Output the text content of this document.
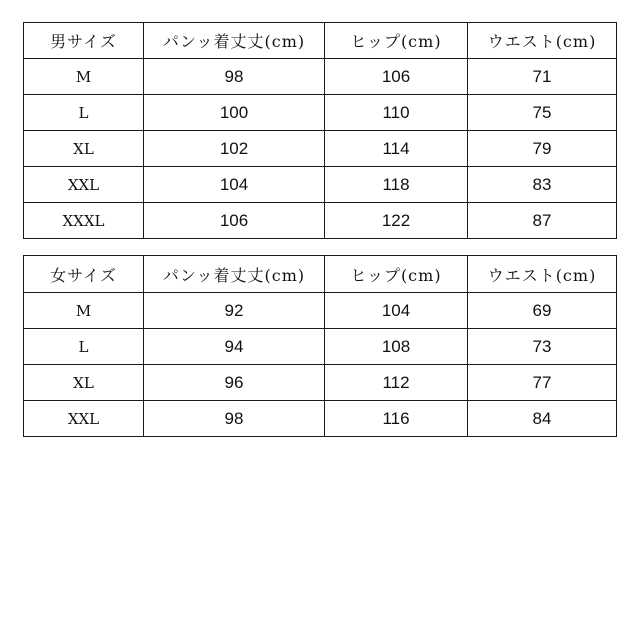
男サイズ	パンッ着丈丈(cm)	ヒップ(cm)	ウエスト(cm)
M	98	106	71
L	100	110	75
XL	102	114	79
XXL	104	118	83
XXXL	106	122	87
女サイズ	パンッ着丈丈(cm)	ヒップ(cm)	ウエスト(cm)
M	92	104	69
L	94	108	73
XL	96	112	77
XXL	98	116	84
